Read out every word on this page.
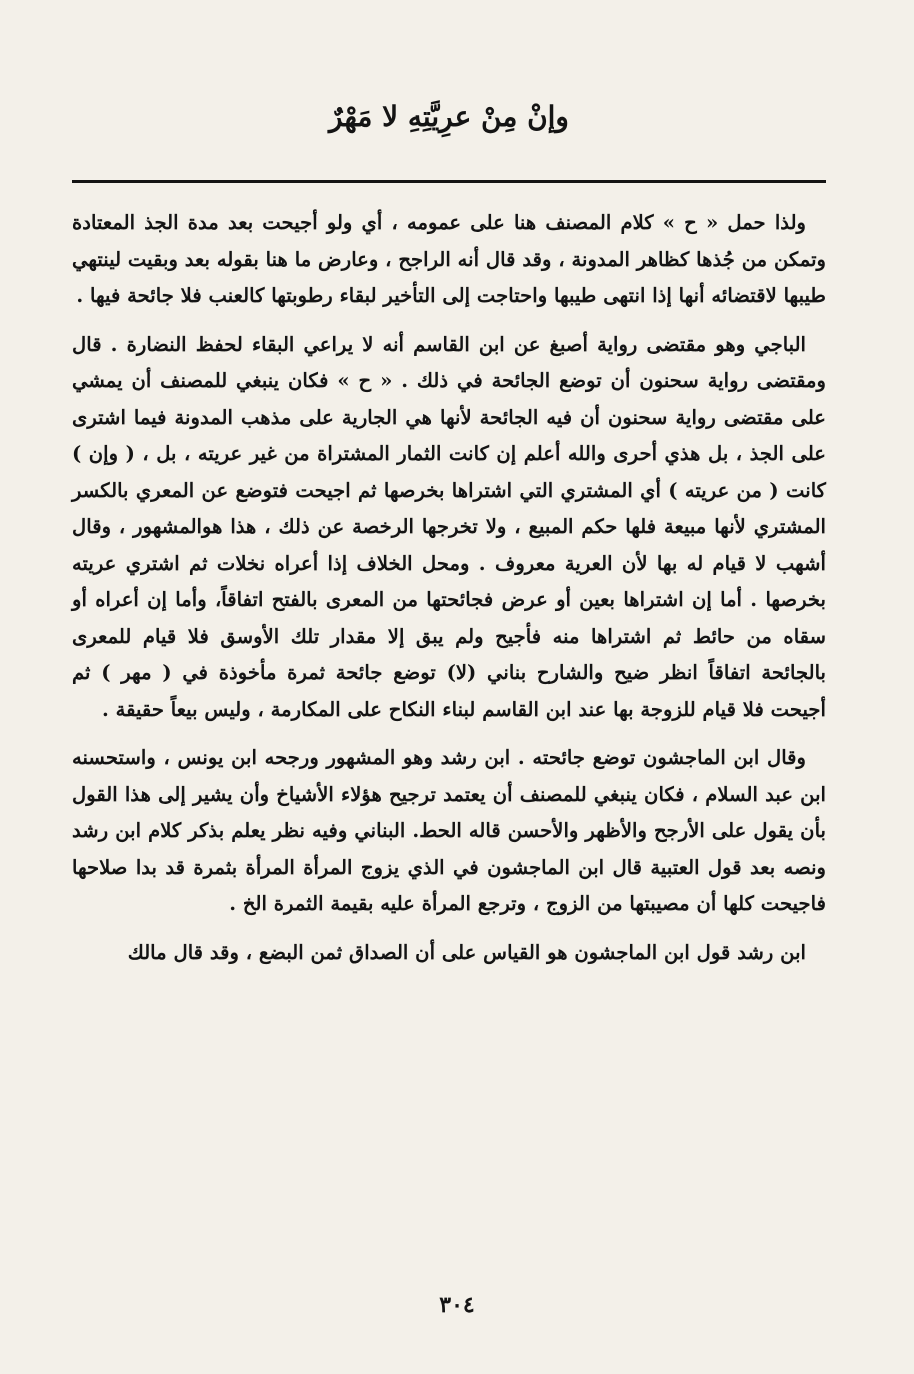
وإنْ مِنْ عرِيَّتِهِ لا مَهْرٌ

ولذا حمل « ح » كلام المصنف هنا على عمومه ، أي ولو أجيحت بعد مدة الجذ المعتادة وتمكن من جُذها كظاهر المدونة ، وقد قال أنه الراجح ، وعارض ما هنا بقوله بعد وبقيت لينتهي طيبها لاقتضائه أنها إذا انتهى طيبها واحتاجت إلى التأخير لبقاء رطوبتها كالعنب فلا جائحة فيها .

الباجي وهو مقتضى رواية أصبغ عن ابن القاسم أنه لا يراعي البقاء لحفظ النضارة . قال ومقتضى رواية سحنون أن توضع الجائحة في ذلك . « ح » فكان ينبغي للمصنف أن يمشي على مقتضى رواية سحنون أن فيه الجائحة لأنها هي الجارية على مذهب المدونة فيما اشترى على الجذ ، بل هذي أحرى والله أعلم إن كانت الثمار المشتراة من غير عريته ، بل ، ( وإن ) كانت ( من عريته ) أي المشتري التي اشتراها بخرصها ثم اجيحت فتوضع عن المعري بالكسر المشتري لأنها مبيعة فلها حكم المبيع ، ولا تخرجها الرخصة عن ذلك ، هذا هوالمشهور ، وقال أشهب لا قيام له بها لأن العرية معروف . ومحل الخلاف إذا أعراه نخلات ثم اشتري عريته بخرصها . أما إن اشتراها بعين أو عرض فجائحتها من المعرى بالفتح اتفاقاً، وأما إن أعراه أو سقاه من حائط ثم اشتراها منه فأجيح ولم يبق إلا مقدار تلك الأوسق فلا قيام للمعرى بالجائحة اتفاقاً انظر ضيح والشارح بناني (لا) توضع جائحة ثمرة مأخوذة في ( مهر ) ثم أجيحت فلا قيام للزوجة بها عند ابن القاسم لبناء النكاح على المكارمة ، وليس بيعاً حقيقة .

وقال ابن الماجشون توضع جائحته . ابن رشد وهو المشهور ورجحه ابن يونس ، واستحسنه ابن عبد السلام ، فكان ينبغي للمصنف أن يعتمد ترجيح هؤلاء الأشياخ وأن يشير إلى هذا القول بأن يقول على الأرجح والأظهر والأحسن قاله الحط. البناني وفيه نظر يعلم بذكر كلام ابن رشد ونصه بعد قول العتبية قال ابن الماجشون في الذي يزوج المرأة المرأة بثمرة قد بدا صلاحها فاجيحت كلها أن مصيبتها من الزوج ، وترجع المرأة عليه بقيمة الثمرة الخ .

ابن رشد قول ابن الماجشون هو القياس على أن الصداق ثمن البضع ، وقد قال مالك

٣٠٤
